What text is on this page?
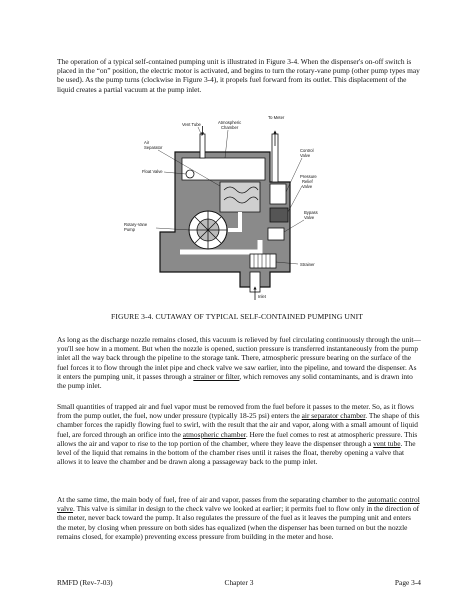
The operation of a typical self-contained pumping unit is illustrated in Figure 3-4. When the dispenser's on-off switch is placed in the “on” position, the electric motor is activated, and begins to turn the rotary-vane pump (other pump types may be used). As the pump turns (clockwise in Figure 3-4), it propels fuel forward from its outlet. This displacement of the liquid creates a partial vacuum at the pump inlet.

To Meter
Vent Tube	Atmospheric
Chamber
Air
Separator
Float Valve
Control
Valve
Pressure
Relief
Valve
Bypass
Valve
Rotary-Vane
Pump
Strainer
Inlet
FIGURE 3-4. CUTAWAY OF TYPICAL SELF-CONTAINED PUMPING UNIT

As long as the discharge nozzle remains closed, this vacuum is relieved by fuel circulating continuously through the unit—you'll see how in a moment. But when the nozzle is opened, suction pressure is transferred instantaneously from the pump inlet all the way back through the pipeline to the storage tank. There, atmospheric pressure bearing on the surface of the fuel forces it to flow through the inlet pipe and check valve we saw earlier, into the pipeline, and toward the dispenser. As it enters the pumping unit, it passes through a strainer or filter, which removes any solid contaminants, and is drawn into the pump inlet.

Small quantities of trapped air and fuel vapor must be removed from the fuel before it passes to the meter. So, as it flows from the pump outlet, the fuel, now under pressure (typically 18-25 psi) enters the air separator chamber. The shape of this chamber forces the rapidly flowing fuel to swirl, with the result that the air and vapor, along with a small amount of liquid fuel, are forced through an orifice into the atmospheric chamber. Here the fuel comes to rest at atmospheric pressure. This allows the air and vapor to rise to the top portion of the chamber, where they leave the dispenser through a vent tube. The level of the liquid that remains in the bottom of the chamber rises until it raises the float, thereby opening a valve that allows it to leave the chamber and be drawn along a passageway back to the pump inlet.

At the same time, the main body of fuel, free of air and vapor, passes from the separating chamber to the automatic control valve. This valve is similar in design to the check valve we looked at earlier; it permits fuel to flow only in the direction of the meter, never back toward the pump. It also regulates the pressure of the fuel as it leaves the pumping unit and enters the meter, by closing when pressure on both sides has equalized (when the dispenser has been turned on but the nozzle remains closed, for example) preventing excess pressure from building in the meter and hose.

RMFD (Rev-7-03)	Chapter 3	Page 3-4
